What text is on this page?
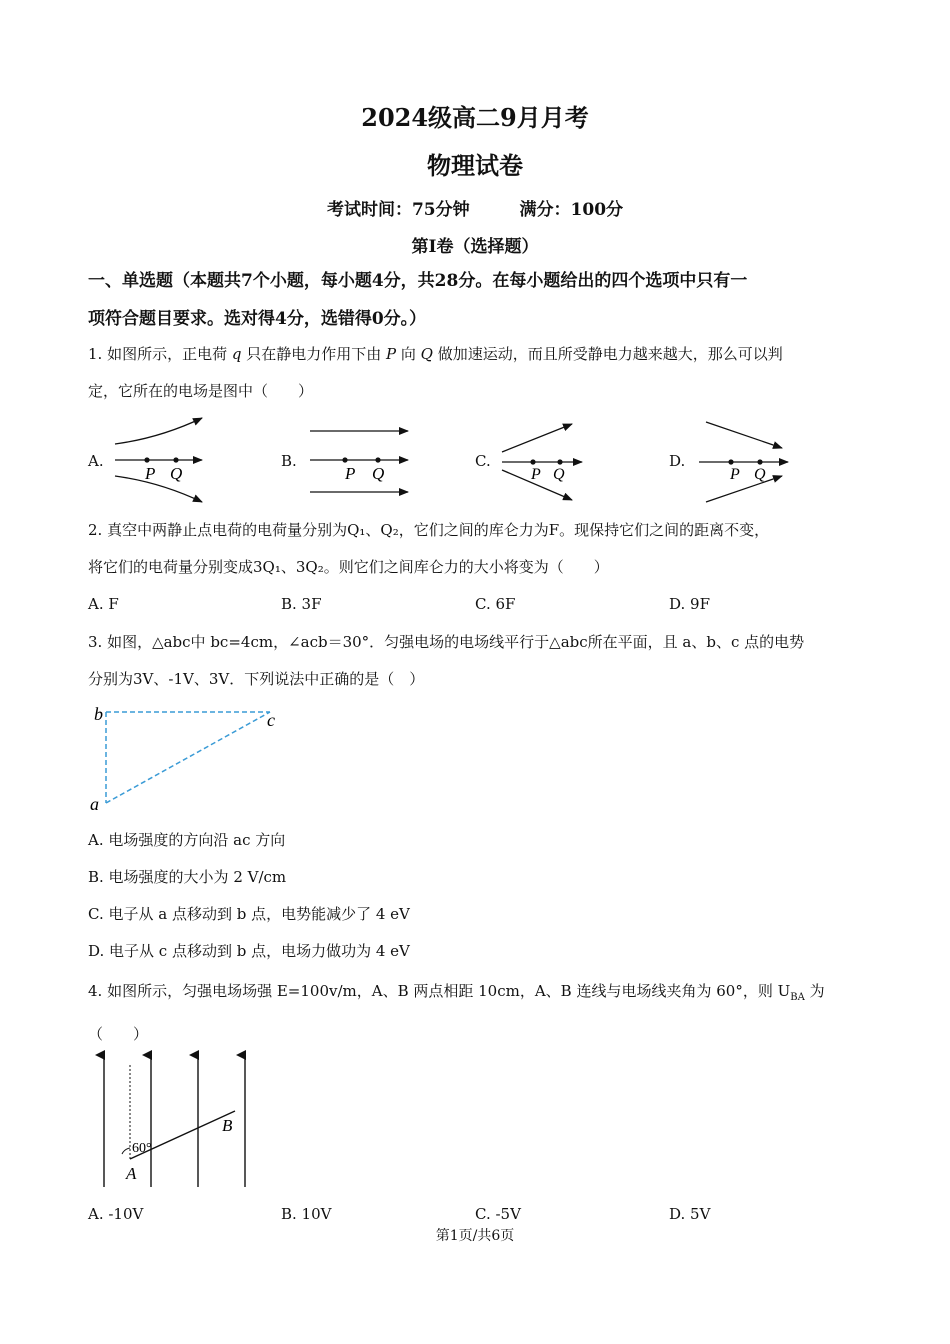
2024级高二9月月考
物理试卷
考试时间：75分钟	满分：100分
第I卷（选择题）
一、单选题（本题共7个小题，每小题4分，共28分。在每小题给出的四个选项中只有一
项符合题目要求。选对得4分，选错得0分。）
1. 如图所示，正电荷 q 只在静电力作用下由 P 向 Q 做加速运动，而且所受静电力越来越大，那么可以判
定，它所在的电场是图中（　　）
A.	B.	C.	D.
P Q	P Q	P Q	P Q
2. 真空中两静止点电荷的电荷量分别为Q₁、Q₂，它们之间的库仑力为F。现保持它们之间的距离不变，
将它们的电荷量分别变成3Q₁、3Q₂。则它们之间库仑力的大小将变为（　　）
A. F	B. 3F	C. 6F	D. 9F
3. 如图，△abc中 bc=4cm，∠acb＝30°．匀强电场的电场线平行于△abc所在平面，且 a、b、c 点的电势
分别为3V、-1V、3V．下列说法中正确的是（　）
b	c
a
A. 电场强度的方向沿 ac 方向
B. 电场强度的大小为 2 V/cm
C. 电子从 a 点移动到 b 点，电势能减少了 4 eV
D. 电子从 c 点移动到 b 点，电场力做功为 4 eV
4. 如图所示，匀强电场场强 E=100v/m，A、B 两点相距 10cm，A、B 连线与电场线夹角为 60°，则 $U_{BA}$ 为
（　　）
60°
A
B
A. -10V	B. 10V	C. -5V	D. 5V
第1页/共6页
